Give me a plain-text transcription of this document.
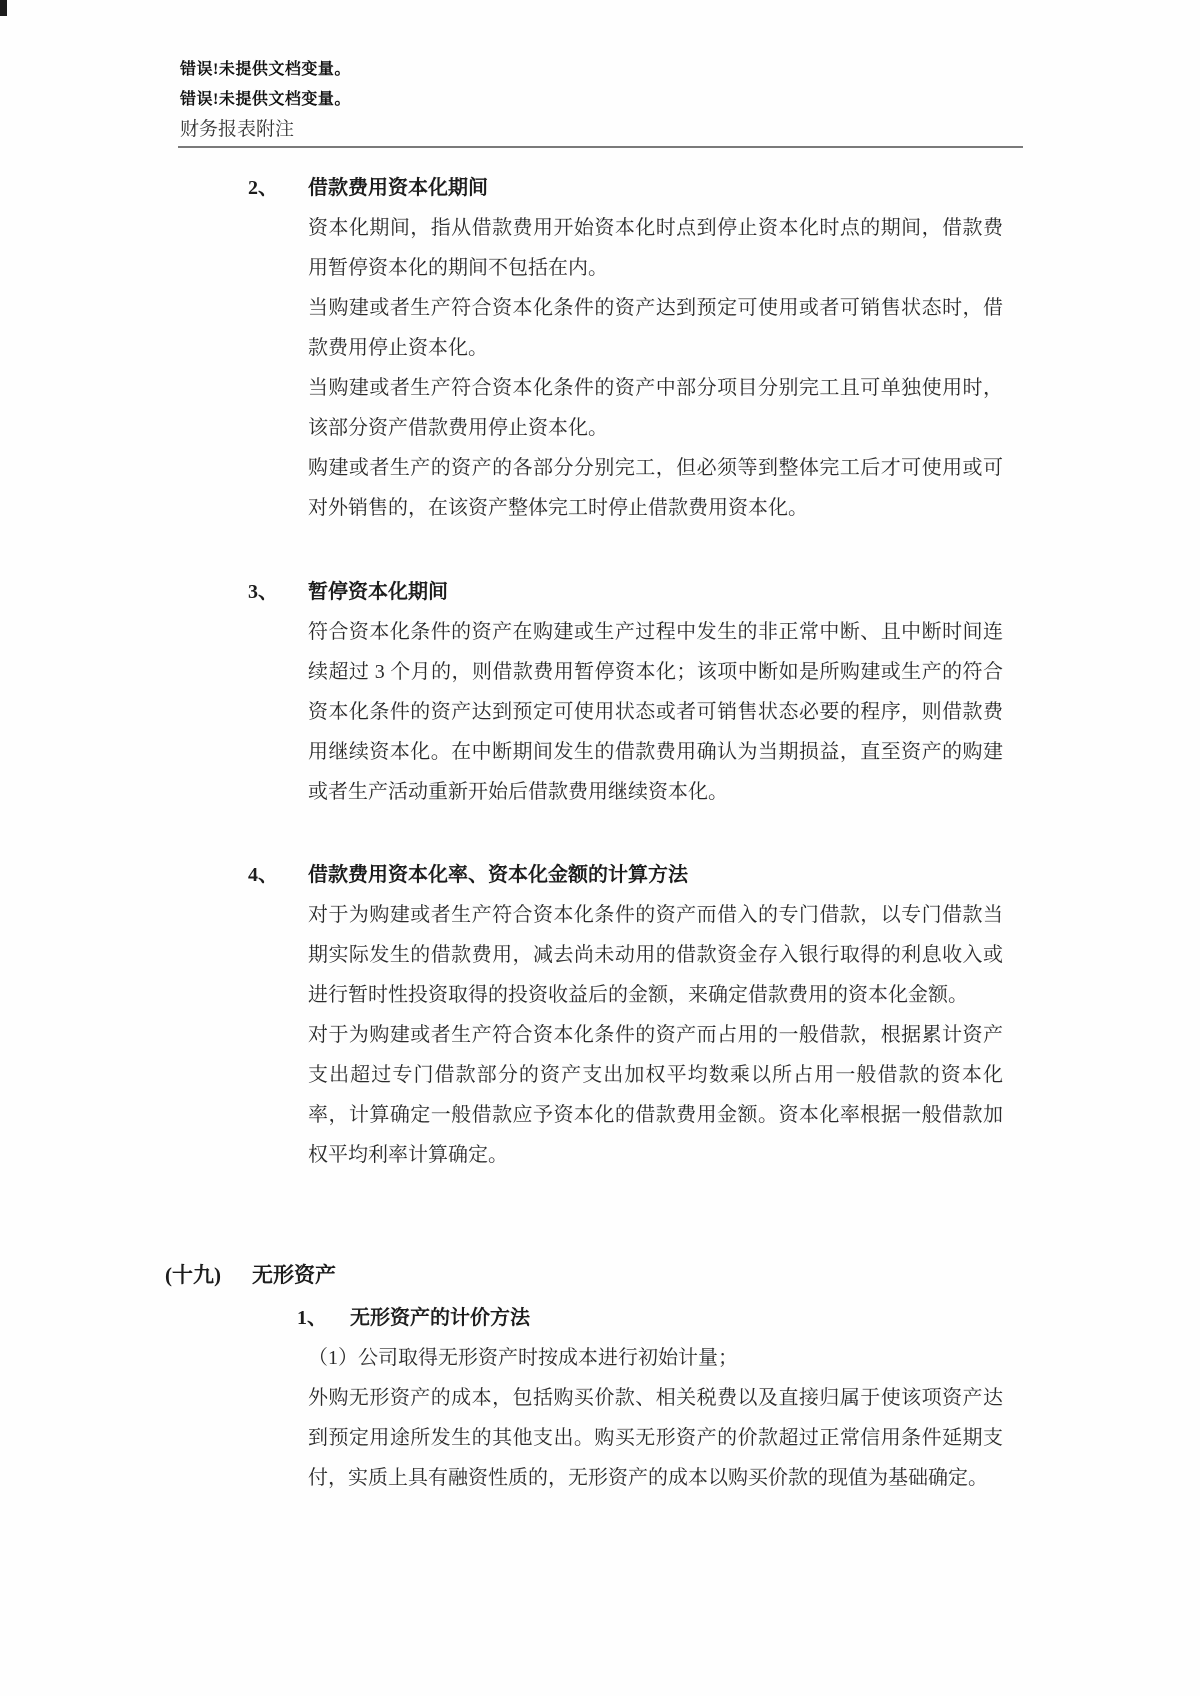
错误!未提供文档变量。
错误!未提供文档变量。
财务报表附注
2、 借款费用资本化期间

资本化期间，指从借款费用开始资本化时点到停止资本化时点的期间，借款费用暂停资本化的期间不包括在内。

当购建或者生产符合资本化条件的资产达到预定可使用或者可销售状态时，借款费用停止资本化。

当购建或者生产符合资本化条件的资产中部分项目分别完工且可单独使用时，该部分资产借款费用停止资本化。

购建或者生产的资产的各部分分别完工，但必须等到整体完工后才可使用或可对外销售的，在该资产整体完工时停止借款费用资本化。

3、 暂停资本化期间

符合资本化条件的资产在购建或生产过程中发生的非正常中断、且中断时间连续超过 3 个月的，则借款费用暂停资本化；该项中断如是所购建或生产的符合资本化条件的资产达到预定可使用状态或者可销售状态必要的程序，则借款费用继续资本化。在中断期间发生的借款费用确认为当期损益，直至资产的购建或者生产活动重新开始后借款费用继续资本化。

4、 借款费用资本化率、资本化金额的计算方法

对于为购建或者生产符合资本化条件的资产而借入的专门借款，以专门借款当期实际发生的借款费用，减去尚未动用的借款资金存入银行取得的利息收入或进行暂时性投资取得的投资收益后的金额，来确定借款费用的资本化金额。

对于为购建或者生产符合资本化条件的资产而占用的一般借款，根据累计资产支出超过专门借款部分的资产支出加权平均数乘以所占用一般借款的资本化率，计算确定一般借款应予资本化的借款费用金额。资本化率根据一般借款加权平均利率计算确定。

(十九) 无形资产
1、 无形资产的计价方法

（1）公司取得无形资产时按成本进行初始计量；

外购无形资产的成本，包括购买价款、相关税费以及直接归属于使该项资产达到预定用途所发生的其他支出。购买无形资产的价款超过正常信用条件延期支付，实质上具有融资性质的，无形资产的成本以购买价款的现值为基础确定。
